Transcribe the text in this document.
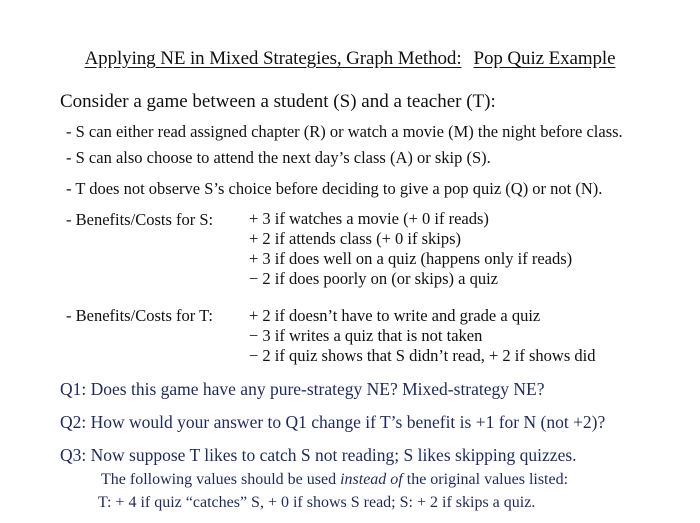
Applying NE in Mixed Strategies, Graph Method: Pop Quiz Example
Consider a game between a student (S) and a teacher (T):
- S can either read assigned chapter (R) or watch a movie (M) the night before class.
- S can also choose to attend the next day’s class (A) or skip (S).
- T does not observe S’s choice before deciding to give a pop quiz (Q) or not (N).
- Benefits/Costs for S: + 3 if watches a movie (+ 0 if reads)
+ 2 if attends class (+ 0 if skips)
+ 3 if does well on a quiz (happens only if reads)
− 2 if does poorly on (or skips) a quiz
- Benefits/Costs for T: + 2 if doesn’t have to write and grade a quiz
− 3 if writes a quiz that is not taken
− 2 if quiz shows that S didn’t read, + 2 if shows did
Q1: Does this game have any pure-strategy NE? Mixed-strategy NE?
Q2: How would your answer to Q1 change if T’s benefit is +1 for N (not +2)?
Q3: Now suppose T likes to catch S not reading; S likes skipping quizzes.
The following values should be used instead of the original values listed:
T: + 4 if quiz “catches” S, + 0 if shows S read; S: + 2 if skips a quiz.
